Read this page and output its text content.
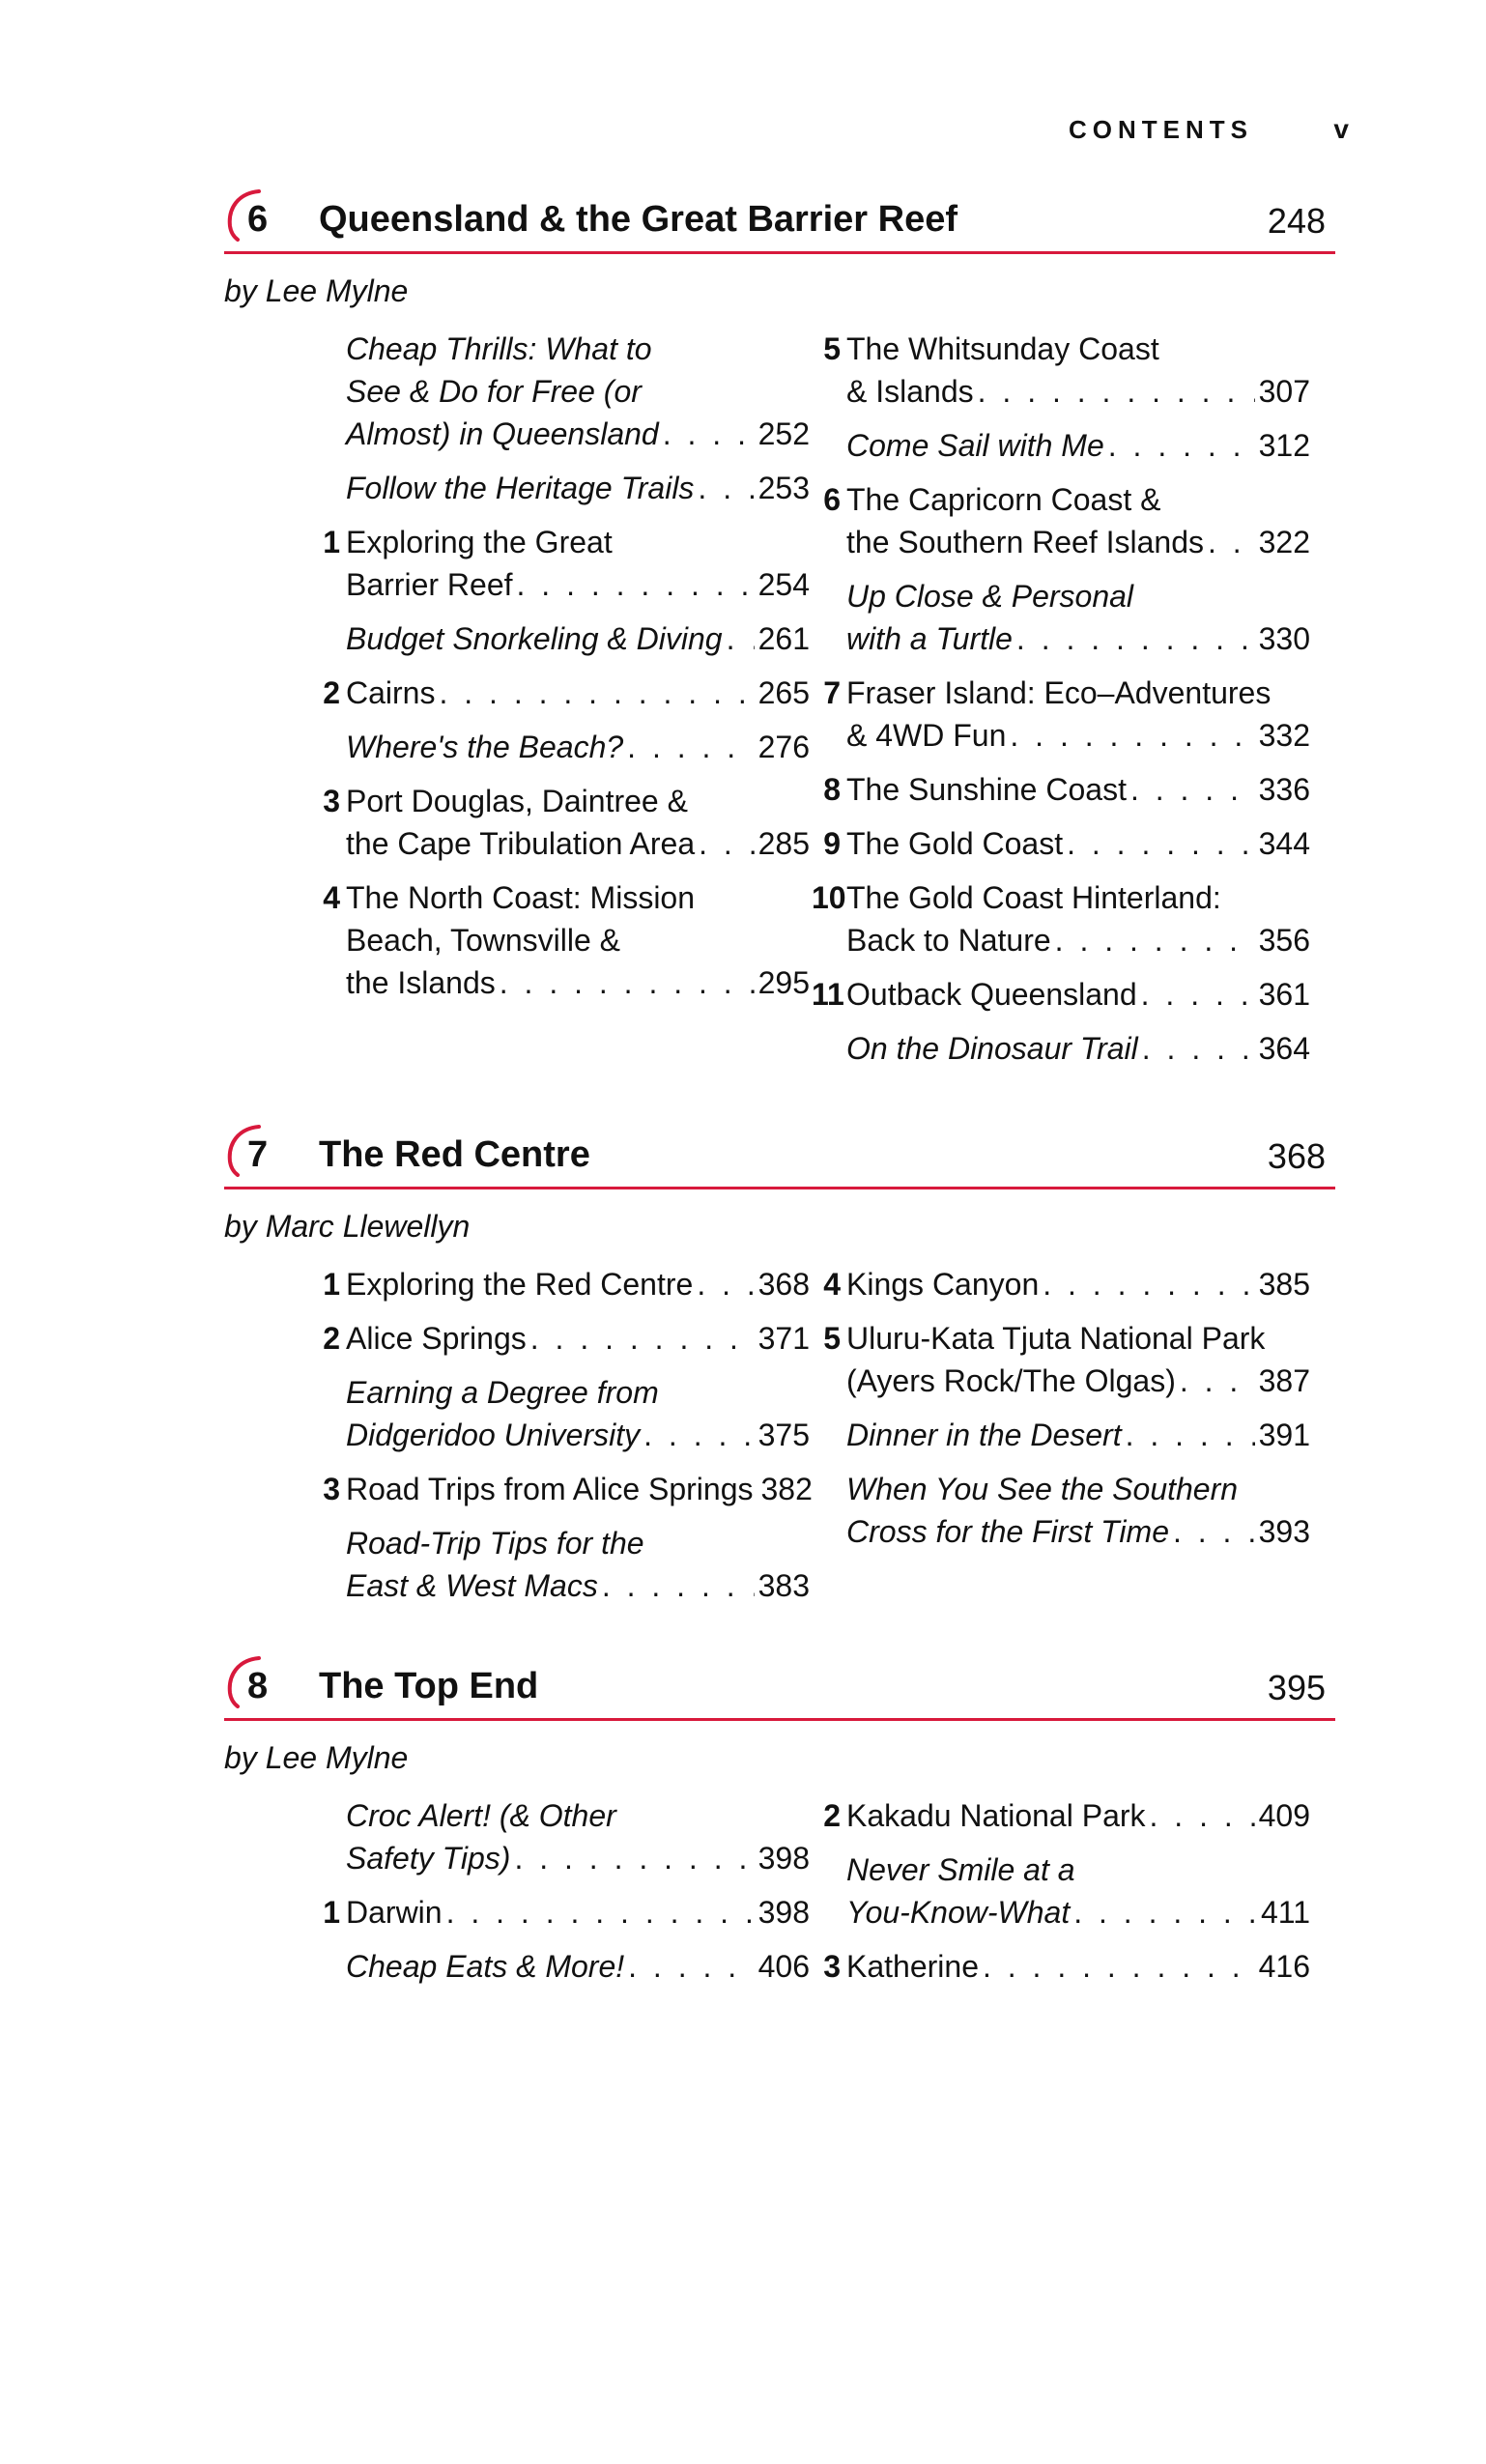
CONTENTS	v
6 Queensland & the Great Barrier Reef	248
by Lee Mylne
Cheap Thrills: What to
See & Do for Free (or
Almost) in Queensland . . .	252
Follow the Heritage Trails . . . 253
1 Exploring the Great
Barrier Reef . . .	254
Budget Snorkeling & Diving . . . 261
2 Cairns . . .	265
Where's the Beach? . . .	276
3 Port Douglas, Daintree &
the Cape Tribulation Area . . . 285
4 The North Coast: Mission
Beach, Townsville &
the Islands . . .	295
5 The Whitsunday Coast
& Islands . . .	307
Come Sail with Me . . .	312
6 The Capricorn Coast &
the Southern Reef Islands . . . 322
Up Close & Personal
with a Turtle . . .	330
7 Fraser Island: Eco–Adventures
& 4WD Fun . . .	332
8 The Sunshine Coast . . .	336
9 The Gold Coast . . .	344
10 The Gold Coast Hinterland:
Back to Nature . . .	356
11 Outback Queensland . . .	361
On the Dinosaur Trail . . .	364
7 The Red Centre	368
by Marc Llewellyn
1 Exploring the Red Centre . . . 368
2 Alice Springs . . .	371
Earning a Degree from
Didgeridoo University . . .	375
3 Road Trips from Alice Springs 382
Road-Trip Tips for the
East & West Macs . . .	383
4 Kings Canyon . . .	385
5 Uluru-Kata Tjuta National Park
(Ayers Rock/The Olgas) . . .	387
Dinner in the Desert . . .	391
When You See the Southern
Cross for the First Time . . .	393
8 The Top End	395
by Lee Mylne
Croc Alert! (& Other
Safety Tips) . . .	398
1 Darwin . . .	398
Cheap Eats & More! . . .	406
2 Kakadu National Park . . .	409
Never Smile at a
You-Know-What . . .	411
3 Katherine . . .	416
